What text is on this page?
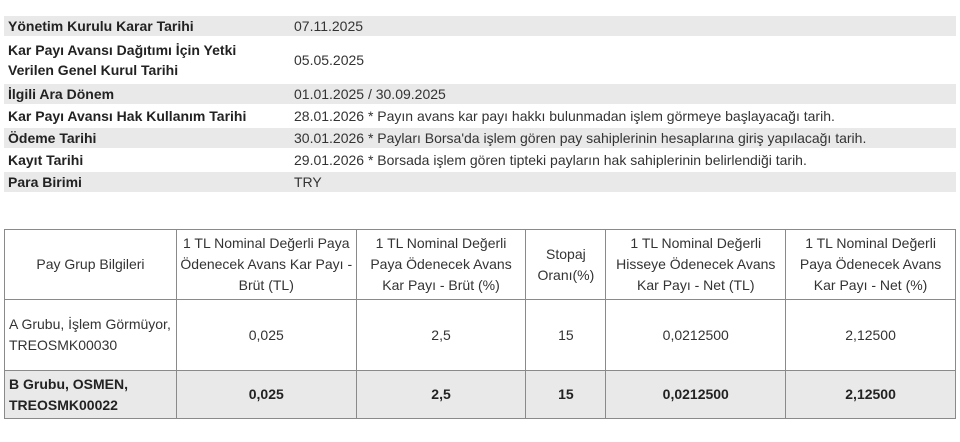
Yönetim Kurulu Karar Tarihi	07.11.2025
Kar Payı Avansı Dağıtımı İçin Yetki Verilen Genel Kurul Tarihi	05.05.2025
İlgili Ara Dönem	01.01.2025 / 30.09.2025
Kar Payı Avansı Hak Kullanım Tarihi	28.01.2026 * Payın avans kar payı hakkı bulunmadan işlem görmeye başlayacağı tarih.
Ödeme Tarihi	30.01.2026 * Payları Borsa'da işlem gören pay sahiplerinin hesaplarına giriş yapılacağı tarih.
Kayıt Tarihi	29.01.2026 * Borsada işlem gören tipteki payların hak sahiplerinin belirlendiği tarih.
Para Birimi	TRY
Pay Grup Bilgileri	1 TL Nominal Değerli Paya Ödenecek Avans Kar Payı - Brüt (TL)	1 TL Nominal Değerli Paya Ödenecek Avans Kar Payı - Brüt (%)	Stopaj Oranı(%)	1 TL Nominal Değerli Hisseye Ödenecek Avans Kar Payı - Net (TL)	1 TL Nominal Değerli Paya Ödenecek Avans Kar Payı - Net (%)
A Grubu, İşlem Görmüyor, TREOSMK00030	0,025	2,5	15	0,0212500	2,12500
B Grubu, OSMEN, TREOSMK00022	0,025	2,5	15	0,0212500	2,12500
